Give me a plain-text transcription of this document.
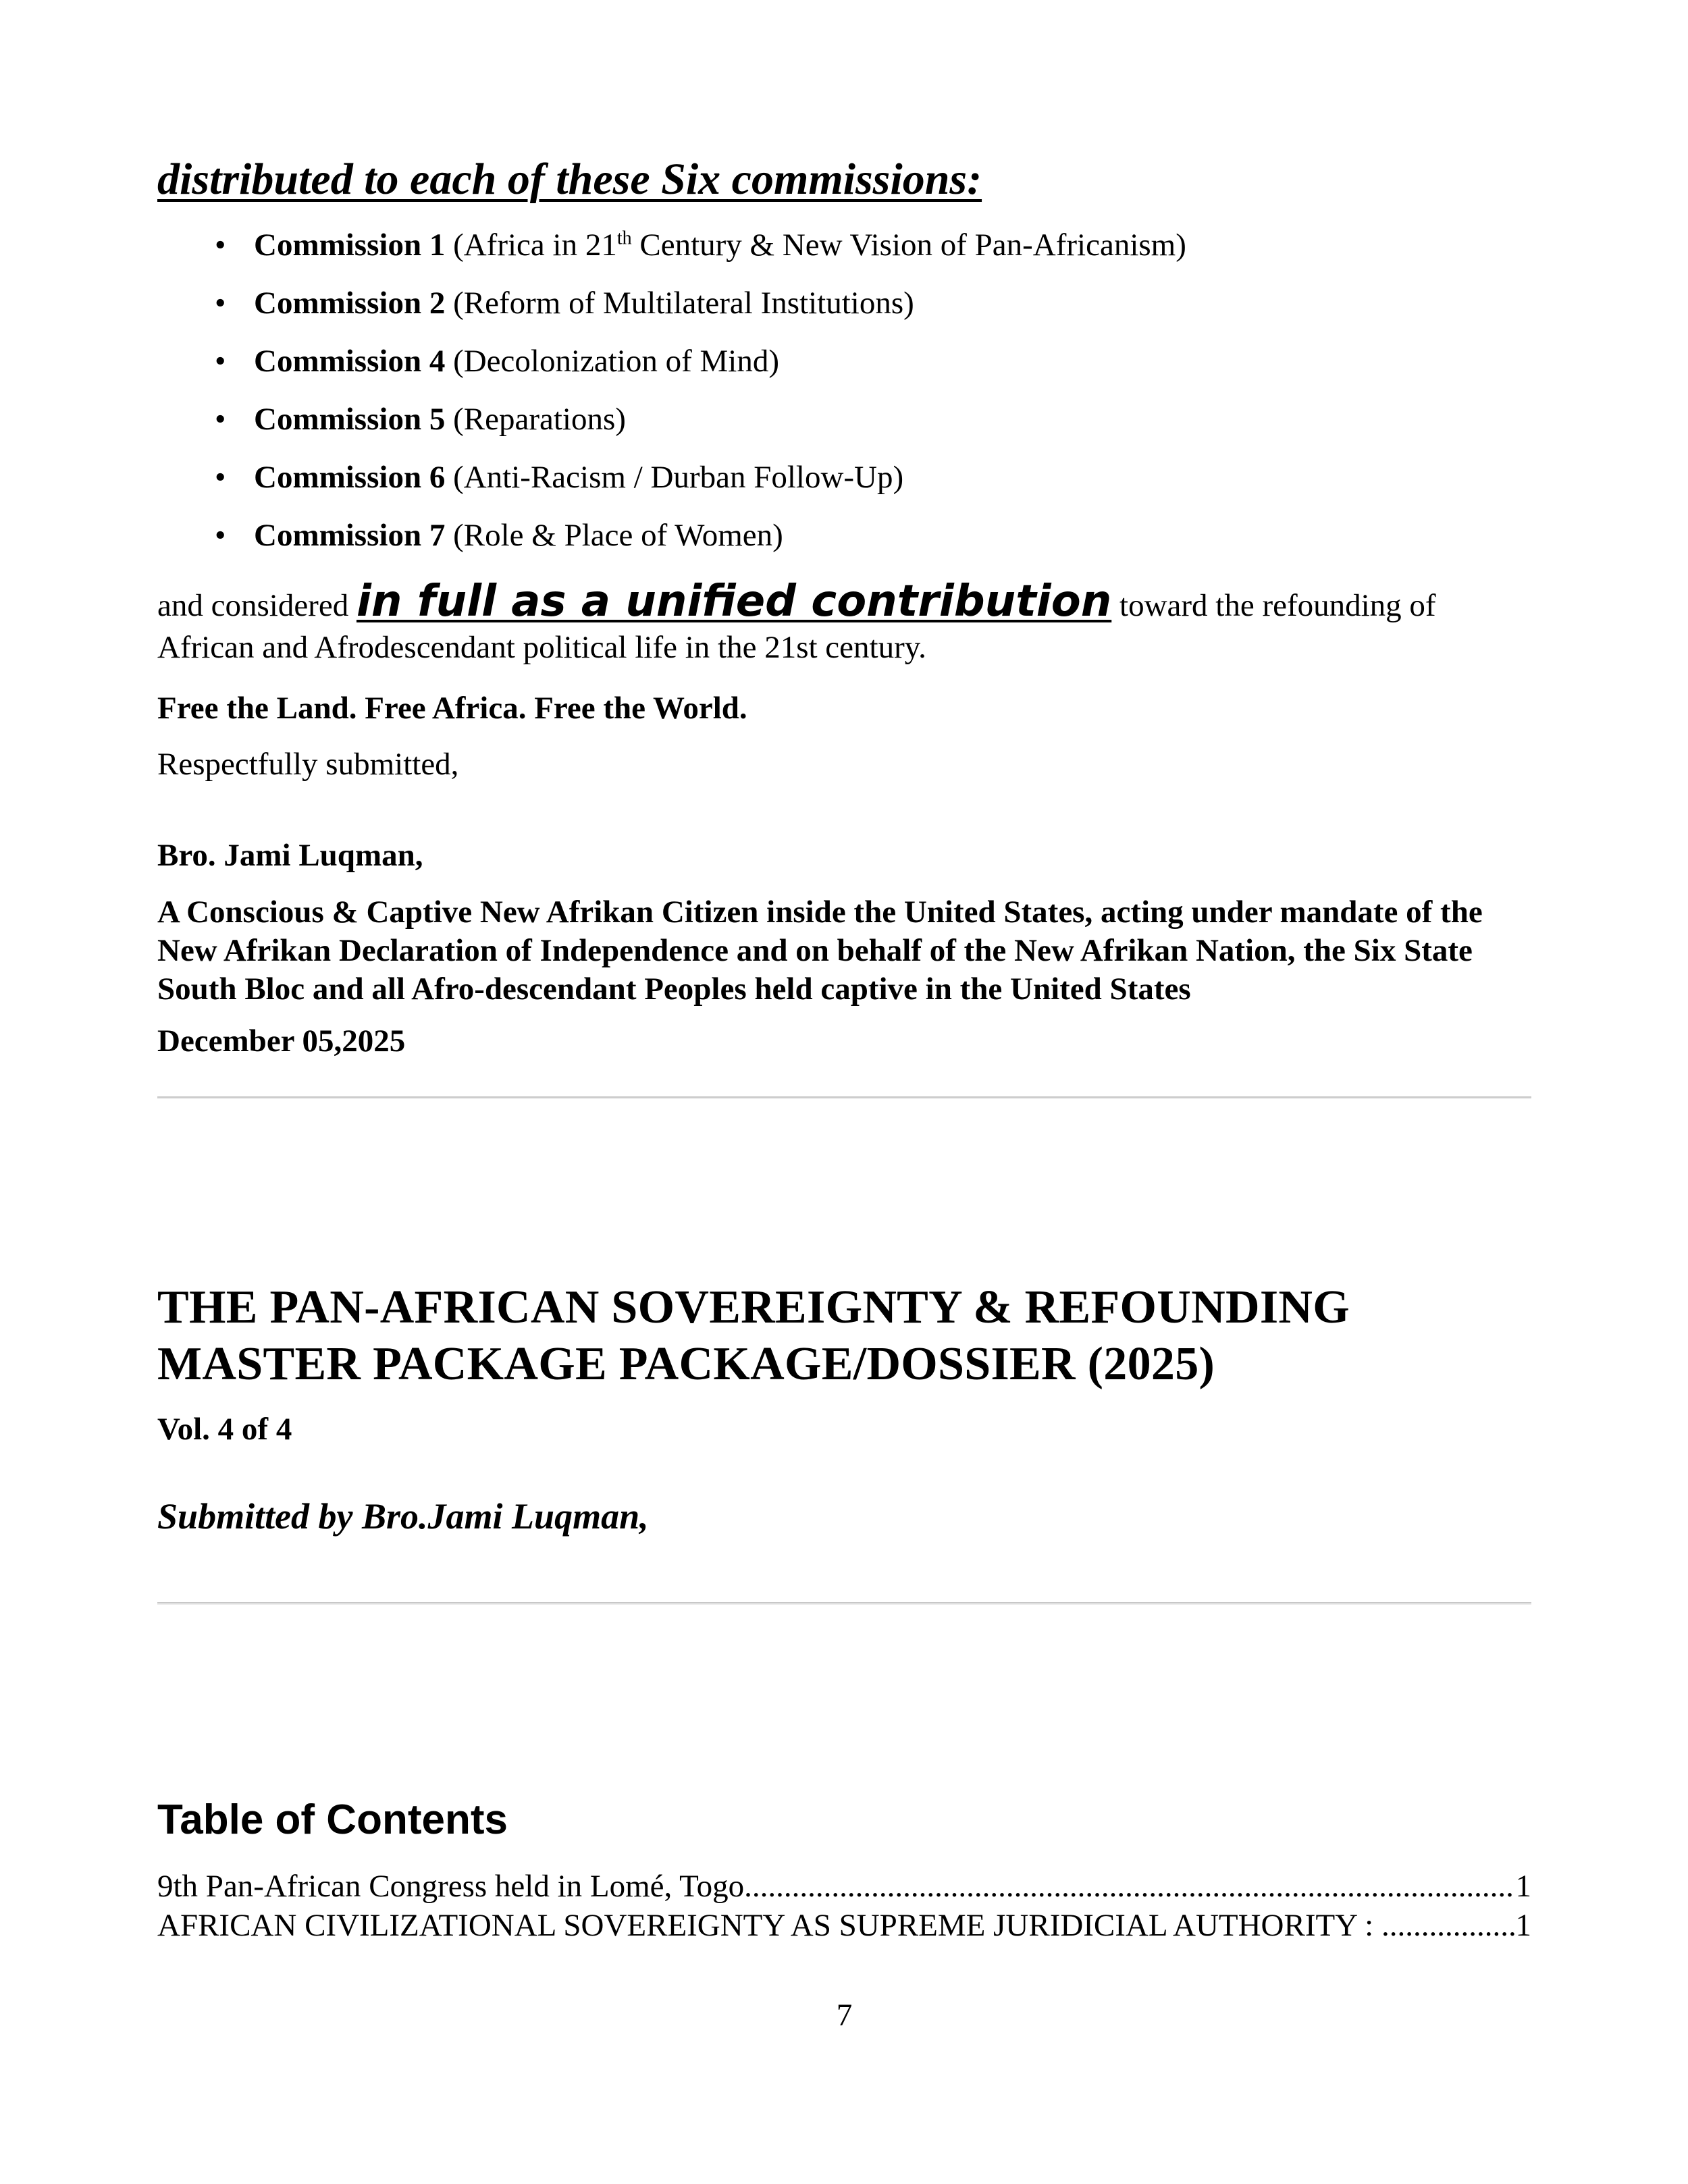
distributed to each of these Six commissions:
• Commission 1 (Africa in 21th Century & New Vision of Pan-Africanism)
• Commission 2 (Reform of Multilateral Institutions)
• Commission 4 (Decolonization of Mind)
• Commission 5 (Reparations)
• Commission 6 (Anti-Racism / Durban Follow-Up)
• Commission 7 (Role & Place of Women)
and considered in full as a unified contribution toward the refounding of African and Afrodescendant political life in the 21st century.
Free the Land. Free Africa. Free the World.
Respectfully submitted,
Bro. Jami Luqman,
A Conscious & Captive New Afrikan Citizen inside the United States, acting under mandate of the New Afrikan Declaration of Independence and on behalf of the New Afrikan Nation, the Six State South Bloc and all Afro-descendant Peoples held captive in the United States
December 05,2025
THE PAN-AFRICAN SOVEREIGNTY & REFOUNDING MASTER PACKAGE PACKAGE/DOSSIER (2025)
Vol. 4 of 4
Submitted by Bro.Jami Luqman,
Table of Contents
9th Pan-African Congress held in Lomé, Togo .....	1
AFRICAN CIVILIZATIONAL SOVEREIGNTY AS SUPREME JURIDICIAL AUTHORITY : .....	1
7
